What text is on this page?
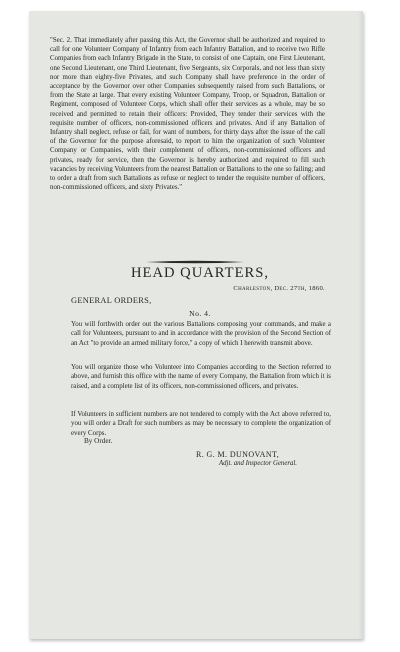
"Sec. 2. That immediately after passing this Act, the Governor shall be authorized and required to call for one Volunteer Company of Infantry from each Infantry Battalion, and to receive two Rifle Companies from each Infantry Brigade in the State, to consist of one Captain, one First Lieutenant, one Second Lieutenant, one Third Lieutenant, five Sergeants, six Corporals, and not less than sixty nor more than eighty-five Privates, and such Company shall have preference in the order of acceptance by the Governor over other Companies subsequently raised from such Battalions, or from the State at large. That every existing Volunteer Company, Troop, or Squadron, Battalion or Regiment, composed of Volunteer Corps, which shall offer their services as a whole, may be so received and permitted to retain their officers: Provided, They tender their services with the requisite number of officers, non-commissioned officers and privates. And if any Battalion of Infantry shall neglect, refuse or fail, for want of numbers, for thirty days after the issue of the call of the Governor for the purpose aforesaid, to report to him the organization of such Volunteer Company or Companies, with their complement of officers, non-commissioned officers and privates, ready for service, then the Governor is hereby authorized and required to fill such vacancies by receiving Volunteers from the nearest Battalion or Battalions to the one so failing; and to order a draft from such Battalions as refuse or neglect to tender the requisite number of officers, non-commissioned officers, and sixty Privates."

HEAD QUARTERS,
Charleston, Dec. 27th, 1860.
GENERAL ORDERS,
No. 4.

You will forthwith order out the various Battalions composing your commands, and make a call for Volunteers, pursuant to and in accordance with the provision of the Second Section of an Act "to provide an armed military force," a copy of which I herewith transmit above.

You will organize those who Volunteer into Companies according to the Section referred to above, and furnish this office with the name of every Company, the Battalion from which it is raised, and a complete list of its officers, non-commissioned officers, and privates.

If Volunteers in sufficient numbers are not tendered to comply with the Act above referred to, you will order a Draft for such numbers as may be necessary to complete the organization of every Corps.

By Order.
R. G. M. DUNOVANT,
Adjt. and Inspector General.
